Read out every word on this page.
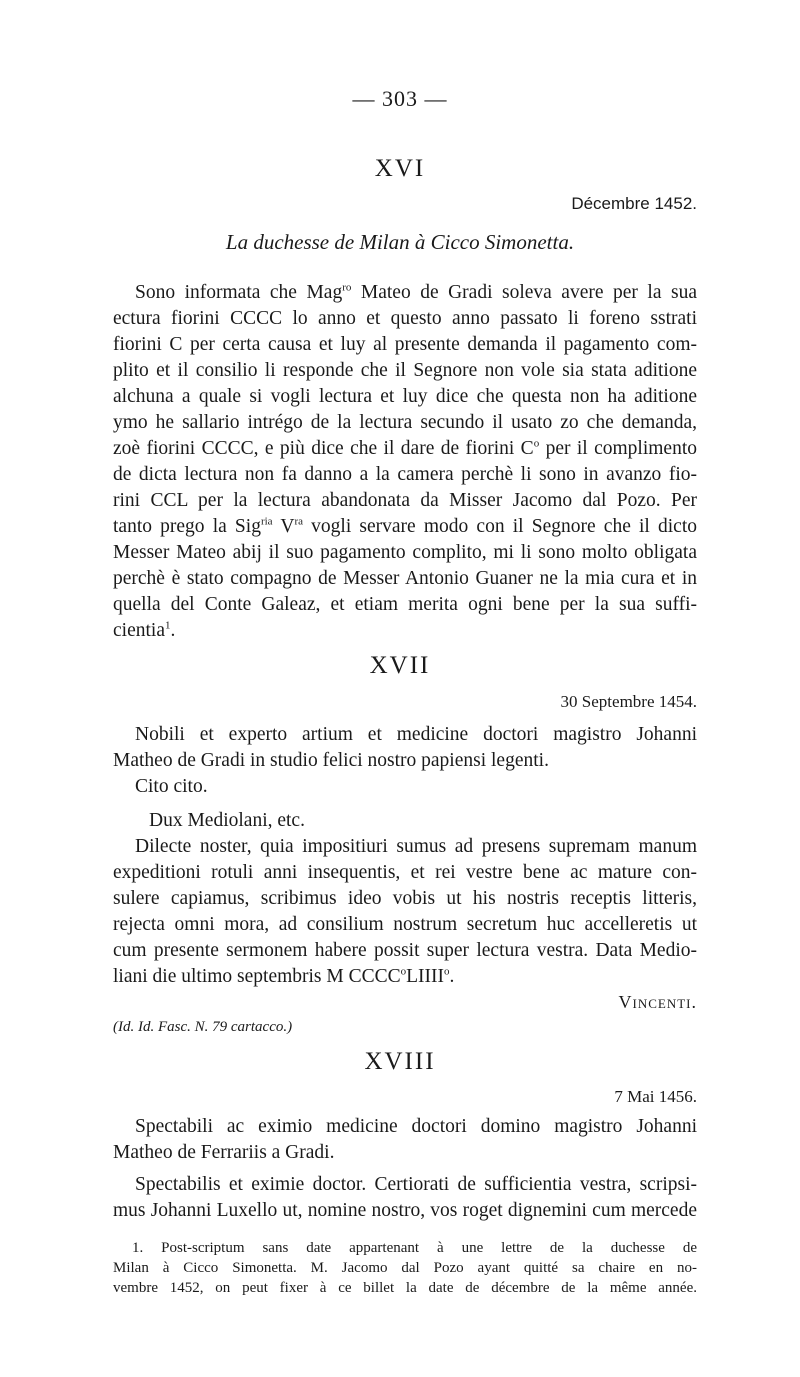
— 303 —
XVI
Décembre 1452.
La duchesse de Milan à Cicco Simonetta.
Sono informata che Mag$^{ro}$ Mateo de Gradi soleva avere per la sua
ectura fiorini CCCC lo anno et questo anno passato li foreno sstrati
fiorini C per certa causa et luy al presente demanda il pagamento com-
plito et il consilio li responde che il Segnore non vole sia stata aditione
alchuna a quale si vogli lectura et luy dice che questa non ha aditione
ymo he sallario intrégo de la lectura secundo il usato zo che demanda,
zoè fiorini CCCC, e più dice che il dare de fiorini $C^o$ per il complimento
de dicta lectura non fa danno a la camera perchè li sono in avanzo fio-
rini CCL per la lectura abandonata da Misser Jacomo dal Pozo. Per
tanto prego la Sig$^{ria}$ $V^{ra}$ vogli servare modo con il Segnore che il dicto
Messer Mateo abij il suo pagamento complito, mi li sono molto obligata
perchè è stato compagno de Messer Antonio Guaner ne la mia cura et in
quella del Conte Galeaz, et etiam merita ogni bene per la sua suffi-
cientia$^1$.
XVII
30 Septembre 1454.
Nobili et experto artium et medicine doctori magistro Johanni
Matheo de Gradi in studio felici nostro papiensi legenti.
Cito cito.
Dux Mediolani, etc.
Dilecte noster, quia impositiuri sumus ad presens supremam manum
expeditioni rotuli anni insequentis, et rei vestre bene ac mature con-
sulere capiamus, scribimus ideo vobis ut his nostris receptis litteris,
rejecta omni mora, ad consilium nostrum secretum huc accelleretis ut
cum presente sermonem habere possit super lectura vestra. Data Medio-
liani die ultimo septembris M CCCC$^o$LIIII$^o$.
Vincenti.
(Id. Id. Fasc. N. 79 cartacco.)
XVIII
7 Mai 1456.
Spectabili ac eximio medicine doctori domino magistro Johanni
Matheo de Ferrariis a Gradi.
Spectabilis et eximie doctor. Certiorati de sufficientia vestra, scripsi-
mus Johanni Luxello ut, nomine nostro, vos roget dignemini cum mercede
1. Post-scriptum sans date appartenant à une lettre de la duchesse de
Milan à Cicco Simonetta. M. Jacomo dal Pozo ayant quitté sa chaire en no-
vembre 1452, on peut fixer à ce billet la date de décembre de la même année.
